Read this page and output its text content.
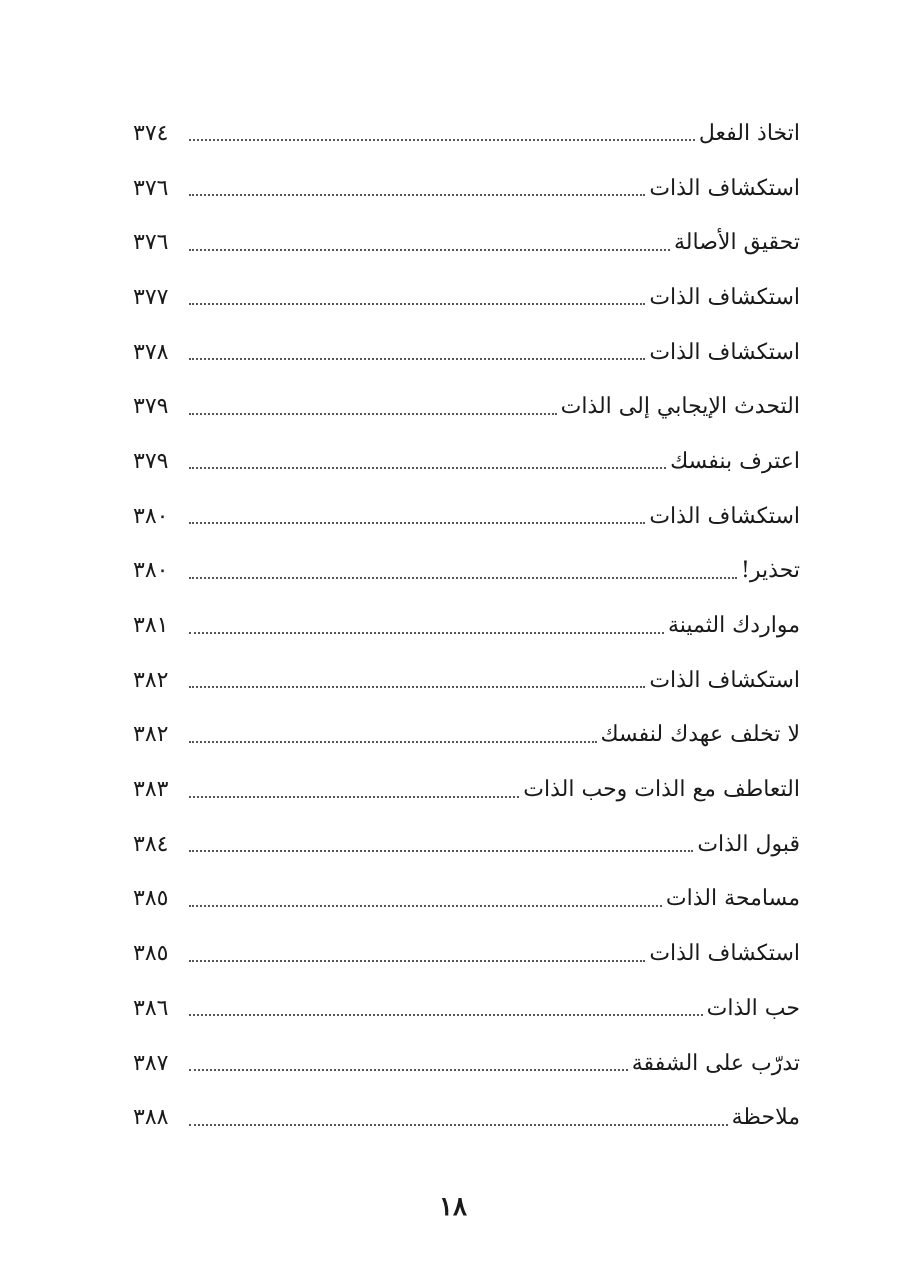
اتخاذ الفعل
٣٧٤
استكشاف الذات
٣٧٦
تحقيق الأصالة
٣٧٦
استكشاف الذات
٣٧٧
استكشاف الذات
٣٧٨
التحدث الإيجابي إلى الذات
٣٧٩
اعترف بنفسك
٣٧٩
استكشاف الذات
٣٨٠
تحذير!
٣٨٠
مواردك الثمينة
٣٨١
استكشاف الذات
٣٨٢
لا تخلف عهدك لنفسك
٣٨٢
التعاطف مع الذات وحب الذات
٣٨٣
قبول الذات
٣٨٤
مسامحة الذات
٣٨٥
استكشاف الذات
٣٨٥
حب الذات
٣٨٦
تدرّب على الشفقة
٣٨٧
ملاحظة
٣٨٨
١٨
